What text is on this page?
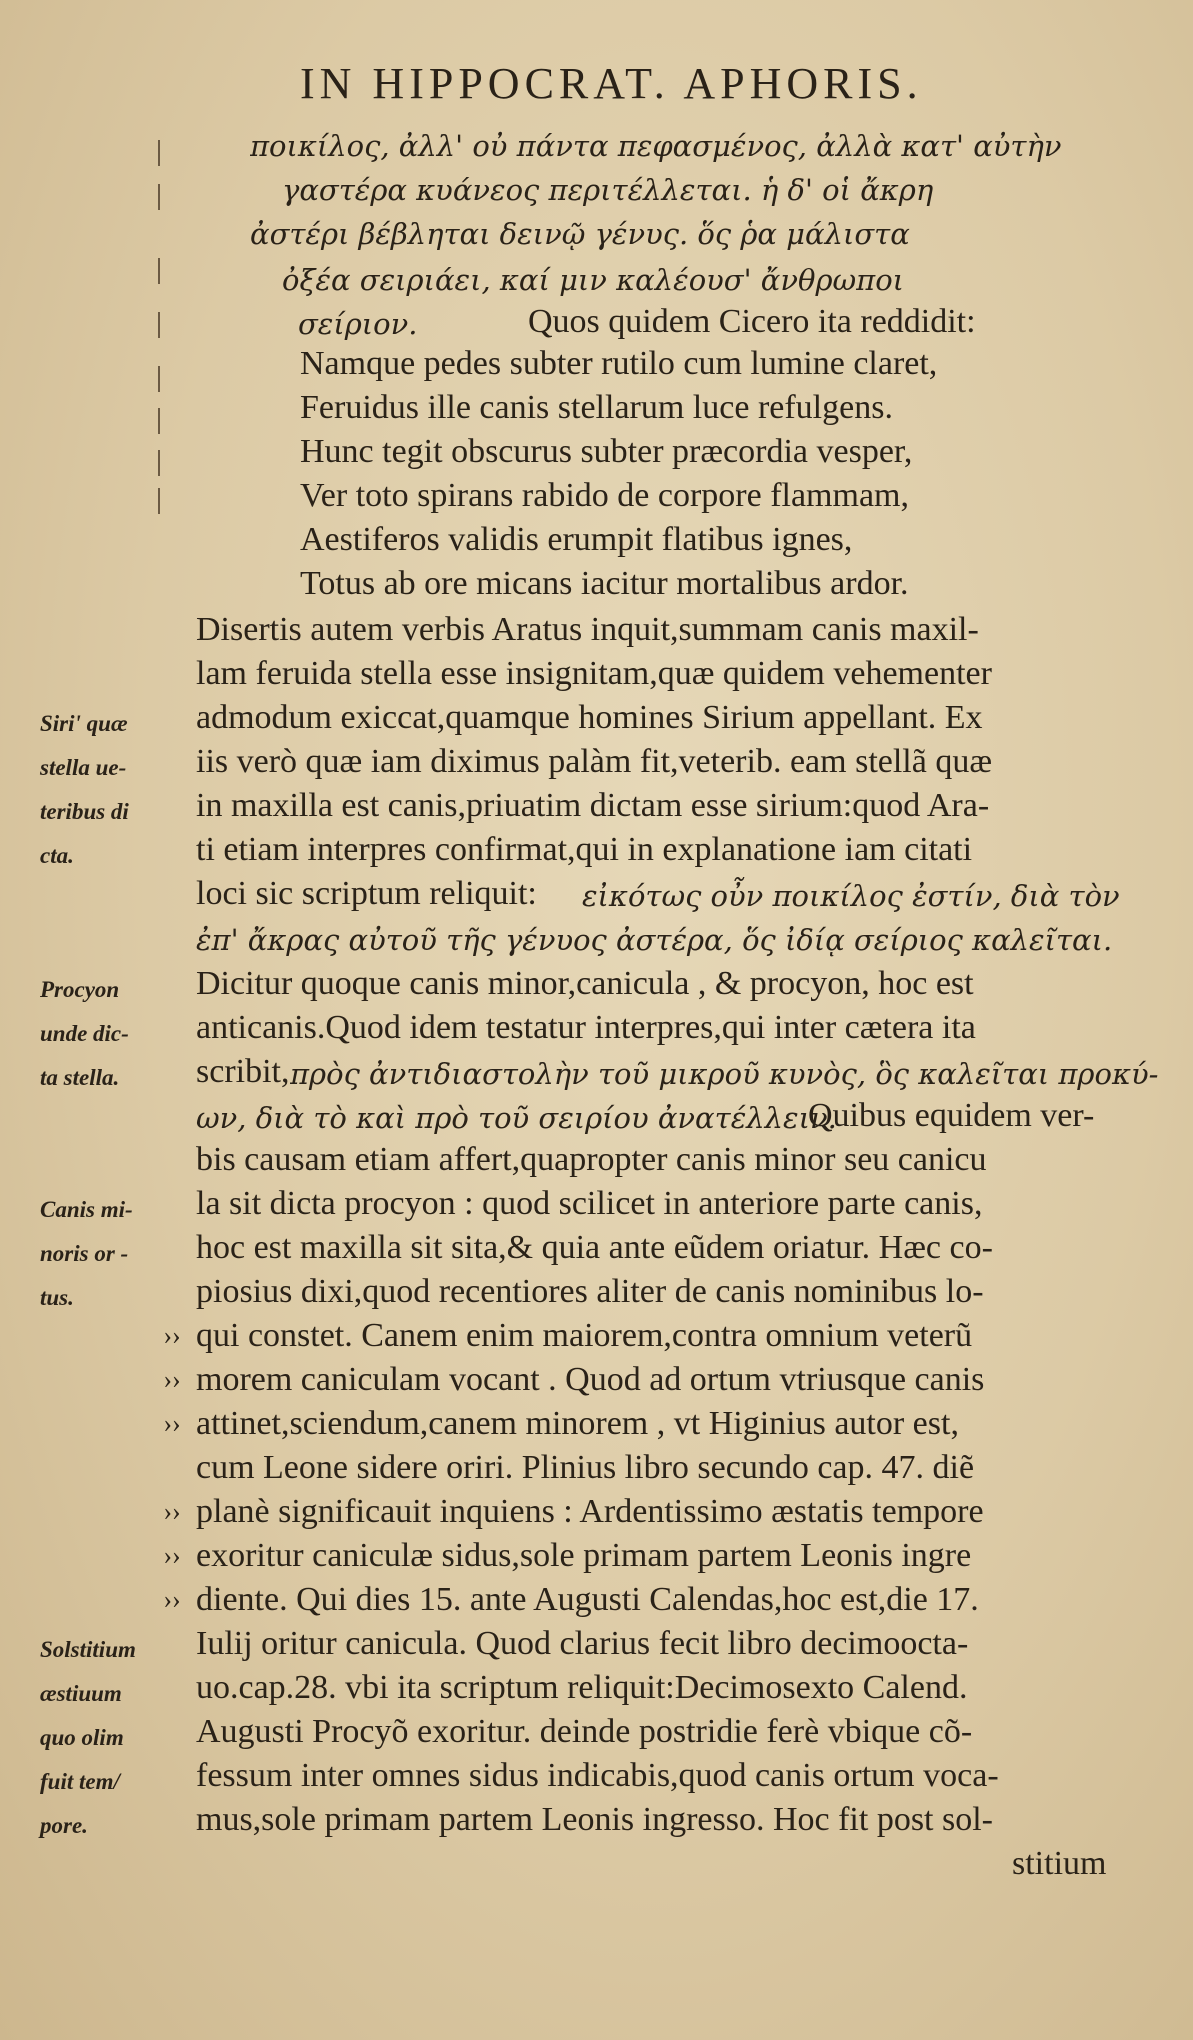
IN HIPPOCRAT. APHORIS.
ποικίλος, ἀλλ' οὐ πάντα πεφασμένος, ἀλλὰ κατ' αὐτὴν
γαστέρα κυάνεος περιτέλλεται. ἡ δ' οἱ ἄκρη
ἀστέρι βέβληται δεινῷ γένυς. ὅς ῥα μάλιστα
ὀξέα σειριάει, καί μιν καλέουσ' ἄνθρωποι
σείριον.	Quos quidem Cicero ita reddidit:
Namque pedes subter rutilo cum lumine claret,
Feruidus ille canis stellarum luce refulgens.
Hunc tegit obscurus subter præcordia vesper,
Ver toto spirans rabido de corpore flammam,
Aestiferos validis erumpit flatibus ignes,
Totus ab ore micans iacitur mortalibus ardor.
Disertis autem verbis Aratus inquit,summam canis maxil-
lam feruida stella esse insignitam,quæ quidem vehementer
admodum exiccat,quamque homines Sirium appellant. Ex
iis verò quæ iam diximus palàm fit,veterib. eam stellã quæ
in maxilla est canis,priuatim dictam esse sirium:quod Ara-
ti etiam interpres confirmat,qui in explanatione iam citati
loci sic scriptum reliquit: εἰκότως οὖν ποικίλος ἐστίν, διὰ τὸν
ἐπ' ἄκρας αὐτοῦ τῆς γένυος ἀστέρα, ὅς ἰδίᾳ σείριος καλεῖται.
Dicitur quoque canis minor,canicula , & procyon, hoc est
anticanis.Quod idem testatur interpres,qui inter cætera ita
scribit, πρὸς ἀντιδιαστολὴν τοῦ μικροῦ κυνὸς, ὃς καλεῖται προκύ-
ων, διὰ τὸ καὶ πρὸ τοῦ σειρίου ἀνατέλλειν.
Quibus equidem ver-
bis causam etiam affert,quapropter canis minor seu canicu
la sit dicta procyon : quod scilicet in anteriore parte canis,
hoc est maxilla sit sita,& quia ante eũdem oriatur. Hæc co-
piosius dixi,quod recentiores aliter de canis nominibus lo-
qui constet. Canem enim maiorem,contra omnium veterũ
morem caniculam vocant . Quod ad ortum vtriusque canis
attinet,sciendum,canem minorem , vt Higinius autor est,
cum Leone sidere oriri. Plinius libro secundo cap. 47. diẽ
planè significauit inquiens : Ardentissimo æstatis tempore
exoritur caniculæ sidus,sole primam partem Leonis ingre
diente. Qui dies 15. ante Augusti Calendas,hoc est,die 17.
Iulij oritur canicula. Quod clarius fecit libro decimoocta-
uo.cap.28. vbi ita scriptum reliquit:Decimosexto Calend.
Augusti Procyõ exoritur. deinde postridie ferè vbique cõ-
fessum inter omnes sidus indicabis,quod canis ortum voca-
mus,sole primam partem Leonis ingresso. Hoc fit post sol-
stitium
Siri' quæ
stella ue-
teribus di
cta.
Procyon
unde dic-
ta stella.
Canis mi-
noris or -
tus.
Solstitium
æstiuum
quo olim
fuit tem/
pore.
››
››
››
››
››
››
